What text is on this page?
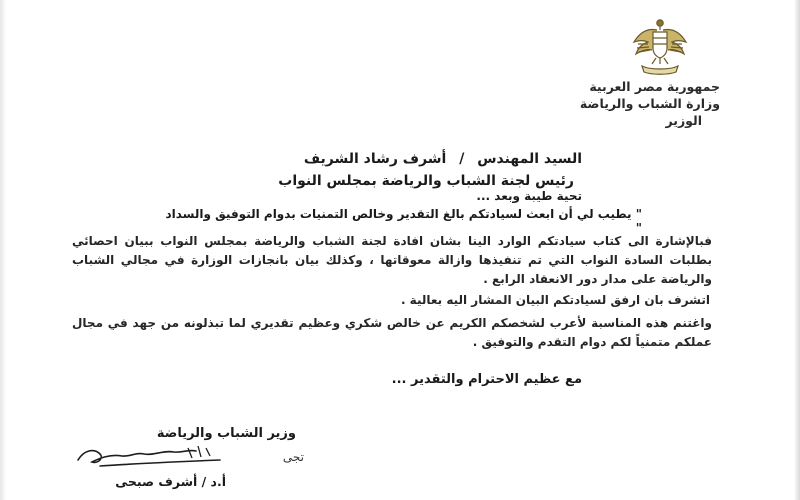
جمهورية مصر العربية
وزارة الشباب والرياضة
الوزير
السيد المهندس / أشرف رشاد الشريف
رئيس لجنة الشباب والرياضة بمجلس النواب
تحية طيبة وبعد ...
" يطيب لي أن ابعث لسيادتكم بالغ التقدير وخالص التمنيات بدوام التوفيق والسداد "

فبالإشارة الى كتاب سيادتكم الوارد الينا بشان افادة لجنة الشباب والرياضة بمجلس النواب ببيان احصائي بطلبات السادة النواب التي تم تنفيذها وازالة معوقاتها ، وكذلك بيان بانجازات الوزارة في مجالي الشباب والرياضة على مدار دور الانعقاد الرابع .

اتشرف بان ارفق لسيادتكم البيان المشار اليه بعالية .

واغتنم هذه المناسبة لأعرب لشخصكم الكريم عن خالص شكري وعظيم تقديري لما تبذلونه من جهد في مجال عملكم متمنياً لكم دوام التقدم والتوفيق .

مع عظيم الاحترام والتقدير ...
وزير الشباب والرياضة
تجى
أ.د / أشرف صبحى
